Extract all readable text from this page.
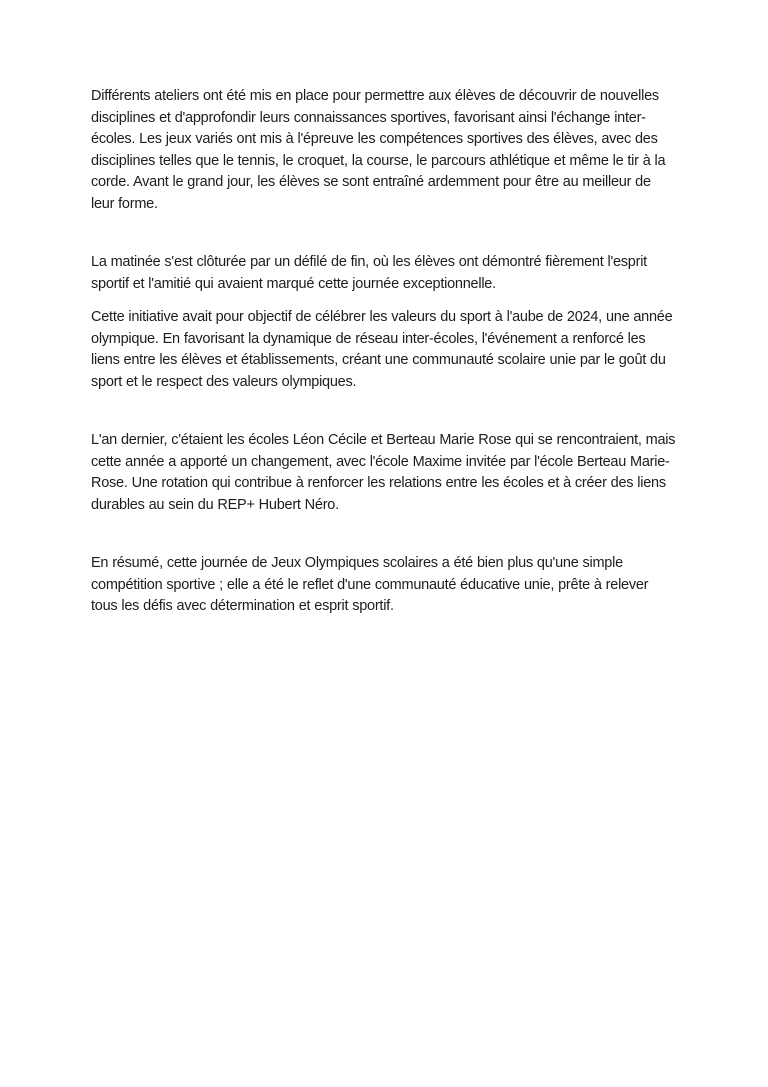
Différents ateliers ont été mis en place pour permettre aux élèves de découvrir de nouvelles disciplines et d'approfondir leurs connaissances sportives, favorisant ainsi l'échange inter-écoles. Les jeux variés ont mis à l'épreuve les compétences sportives des élèves, avec des disciplines telles que le tennis, le croquet, la course, le parcours athlétique et même le tir à la corde. Avant le grand jour, les élèves se sont entraîné ardemment pour être au meilleur de leur forme.

La matinée s'est clôturée par un défilé de fin, où les élèves ont démontré fièrement l'esprit sportif et l'amitié qui avaient marqué cette journée exceptionnelle.

Cette initiative avait pour objectif de célébrer les valeurs du sport à l'aube de 2024, une année olympique. En favorisant la dynamique de réseau inter-écoles, l'événement a renforcé les liens entre les élèves et établissements, créant une communauté scolaire unie par le goût du sport et le respect des valeurs olympiques.

L'an dernier, c'étaient les écoles Léon Cécile et Berteau Marie Rose qui se rencontraient, mais cette année a apporté un changement, avec l'école Maxime invitée par l'école Berteau Marie-Rose. Une rotation qui contribue à renforcer les relations entre les écoles et à créer des liens durables au sein du REP+ Hubert Néro.

En résumé, cette journée de Jeux Olympiques scolaires a été bien plus qu'une simple compétition sportive ; elle a été le reflet d'une communauté éducative unie, prête à relever tous les défis avec détermination et esprit sportif.
